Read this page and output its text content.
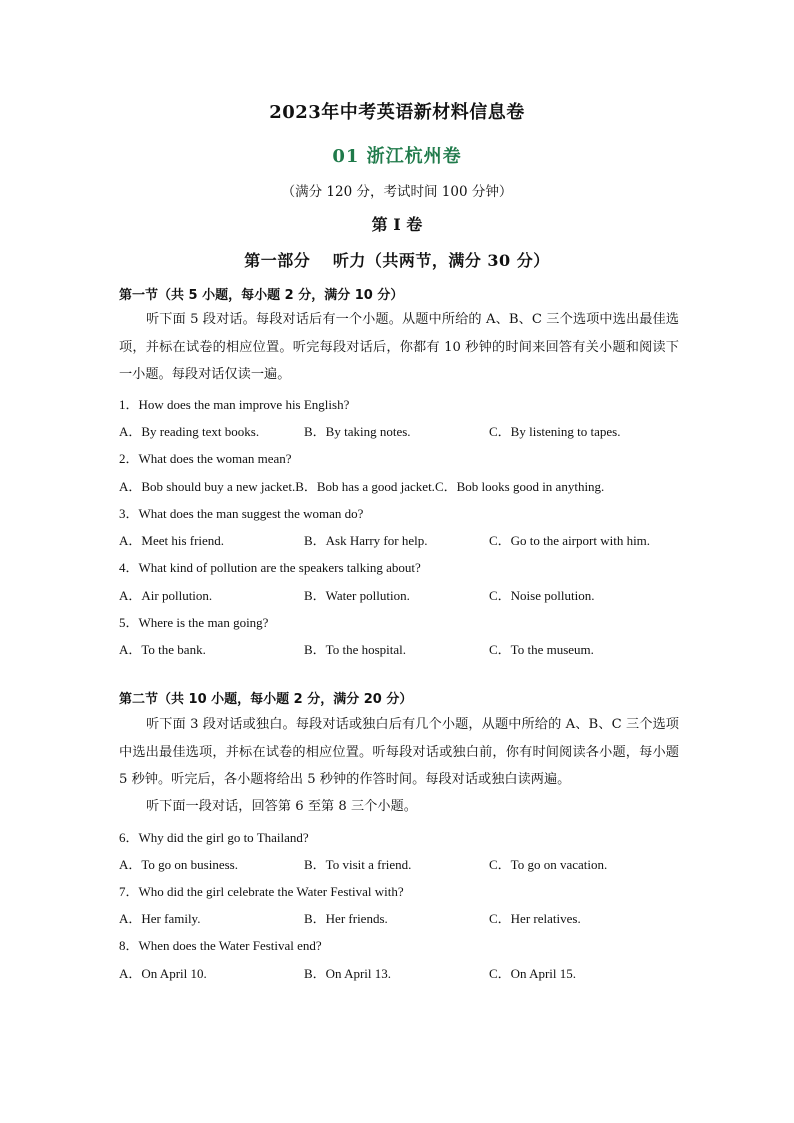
2023年中考英语新材料信息卷
01 浙江杭州卷
（满分 120 分，考试时间 100 分钟）
第 I 卷
第一部分　 听力（共两节，满分 30 分）
第一节（共 5 小题，每小题 2 分，满分 10 分）
听下面 5 段对话。每段对话后有一个小题。从题中所给的 A、B、C 三个选项中选出最佳选项，并标在试卷的相应位置。听完每段对话后，你都有 10 秒钟的时间来回答有关小题和阅读下一小题。每段对话仅读一遍。
1．How does the man improve his English?
A．By reading text books.	B．By taking notes.	C．By listening to tapes.
2．What does the woman mean?
A．Bob should buy a new jacket.B．Bob has a good jacket.C．Bob looks good in anything.
3．What does the man suggest the woman do?
A．Meet his friend.	B．Ask Harry for help.	C．Go to the airport with him.
4．What kind of pollution are the speakers talking about?
A．Air pollution.	B．Water pollution.	C．Noise pollution.
5．Where is the man going?
A．To the bank.	B．To the hospital.	C．To the museum.
第二节（共 10 小题，每小题 2 分，满分 20 分）
听下面 3 段对话或独白。每段对话或独白后有几个小题，从题中所给的 A、B、C 三个选项中选出最佳选项，并标在试卷的相应位置。听每段对话或独白前，你有时间阅读各小题，每小题 5 秒钟。听完后，各小题将给出 5 秒钟的作答时间。每段对话或独白读两遍。
听下面一段对话，回答第 6 至第 8 三个小题。
6．Why did the girl go to Thailand?
A．To go on business.	B．To visit a friend.	C．To go on vacation.
7．Who did the girl celebrate the Water Festival with?
A．Her family.	B．Her friends.	C．Her relatives.
8．When does the Water Festival end?
A．On April 10.	B．On April 13.	C．On April 15.
